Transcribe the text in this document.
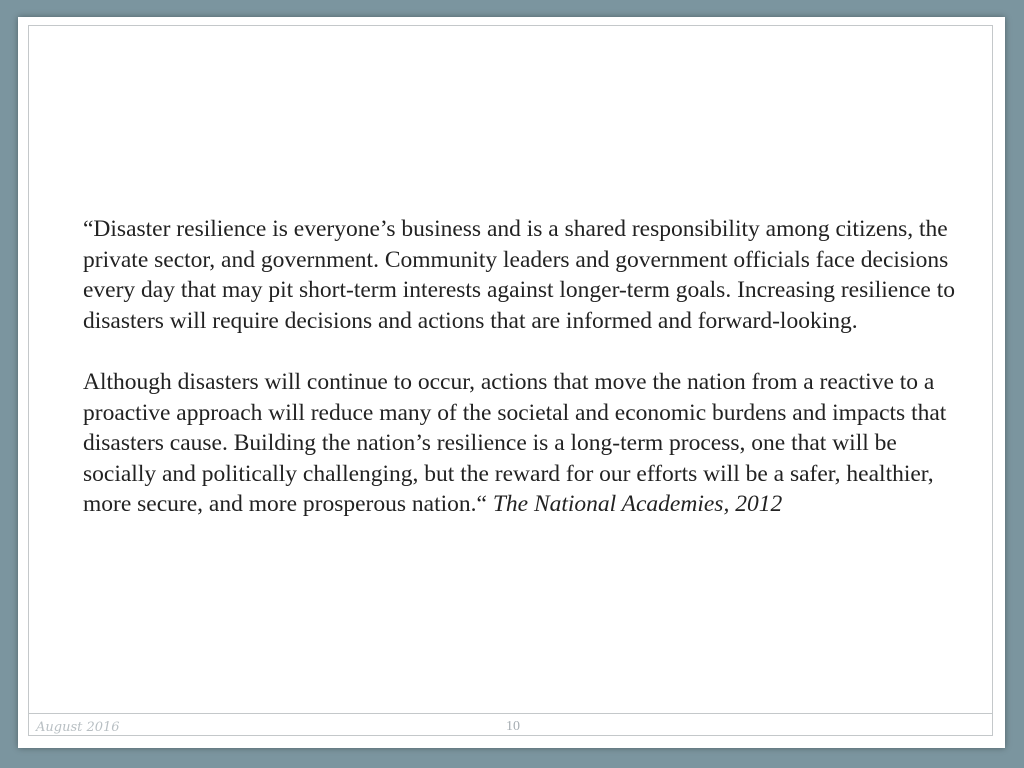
“Disaster resilience is everyone’s business and is a shared responsibility among citizens, the private sector, and government. Community leaders and government officials face decisions every day that may pit short-term interests against longer-term goals. Increasing resilience to disasters will require decisions and actions that are informed and forward-looking.

Although disasters will continue to occur, actions that move the nation from a reactive to a proactive approach will reduce many of the societal and economic burdens and impacts that disasters cause. Building the nation’s resilience is a long-term process, one that will be socially and politically challenging, but the reward for our efforts will be a safer, healthier, more secure, and more prosperous nation.“ The National Academies, 2012

August 2016	10
